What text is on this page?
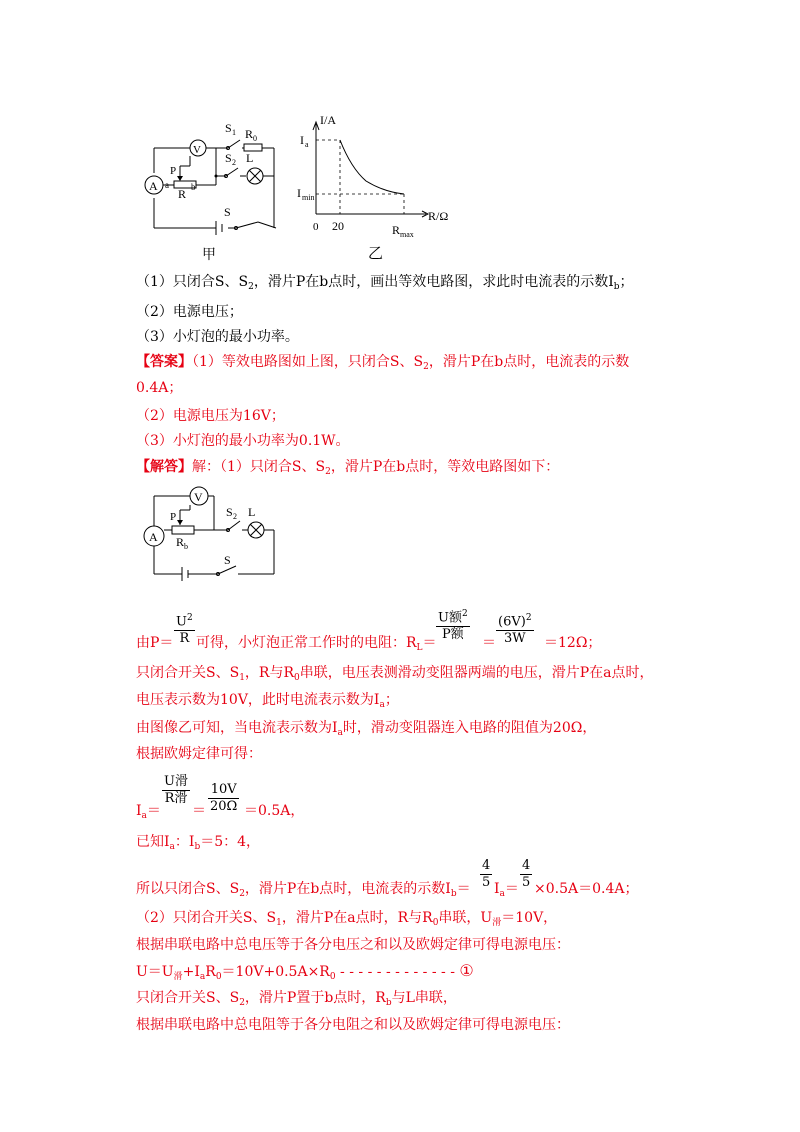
A
V
S 1 R 0
S 2 L
P
a
R b
S
甲
I/A
R/Ω
I a
I min
0 20	R max
乙
（1）只闭合S、$S_2$，滑片P在b点时，画出等效电路图，求此时电流表的示数$I_b$；
（2）电源电压；
（3）小灯泡的最小功率。
【答案】（1）等效电路图如上图，只闭合S、$S_2$，滑片P在b点时，电流表的示数
0.4A；
（2）电源电压为16V；
（3）小灯泡的最小功率为0.1W。
【解答】解：（1）只闭合S、$S_2$，滑片P在b点时，等效电路图如下：
A
V
P
R b
S 2 L
S
由$P= \frac{U^2}{R}$ 可得，小灯泡正常工作时的电阻：$R_L=$
U额$^2$
P额
＝ $\frac{(6V)^2}{3W} =12\Omega$；
只闭合开关S、$S_1$，R与$R_0$串联，电压表测滑动变阻器两端的电压，滑片P在a点时，
电压表示数为10V，此时电流表示数为$I_a$；
由图像乙可知，当电流表示数为$I_a$时，滑动变阻器连入电路的阻值为20Ω，
根据欧姆定律可得：
$I_a=$
U滑
R滑
＝ $\frac{10V}{20\Omega} =0.5A$，
已知$I_a$：$I_b=5$：4，
所以只闭合S、$S_2$，滑片P在b点时，电流表的示数$I_b= \frac{4}{5} I_a= \frac{4}{5} \times 0.5A=0.4A$；
（2）只闭合开关S、$S_1$，滑片P在a点时，R与$R_0$串联，$U_滑=10V$，
根据串联电路中总电压等于各分电压之和以及欧姆定律可得电源电压：
$U=U_滑+I_aR_0=10V+0.5A\times R_0$ - - - - - - - - - - - - - ①
只闭合开关S、$S_2$，滑片P置于b点时，$R_b$与L串联，
根据串联电路中总电阻等于各分电阻之和以及欧姆定律可得电源电压：
